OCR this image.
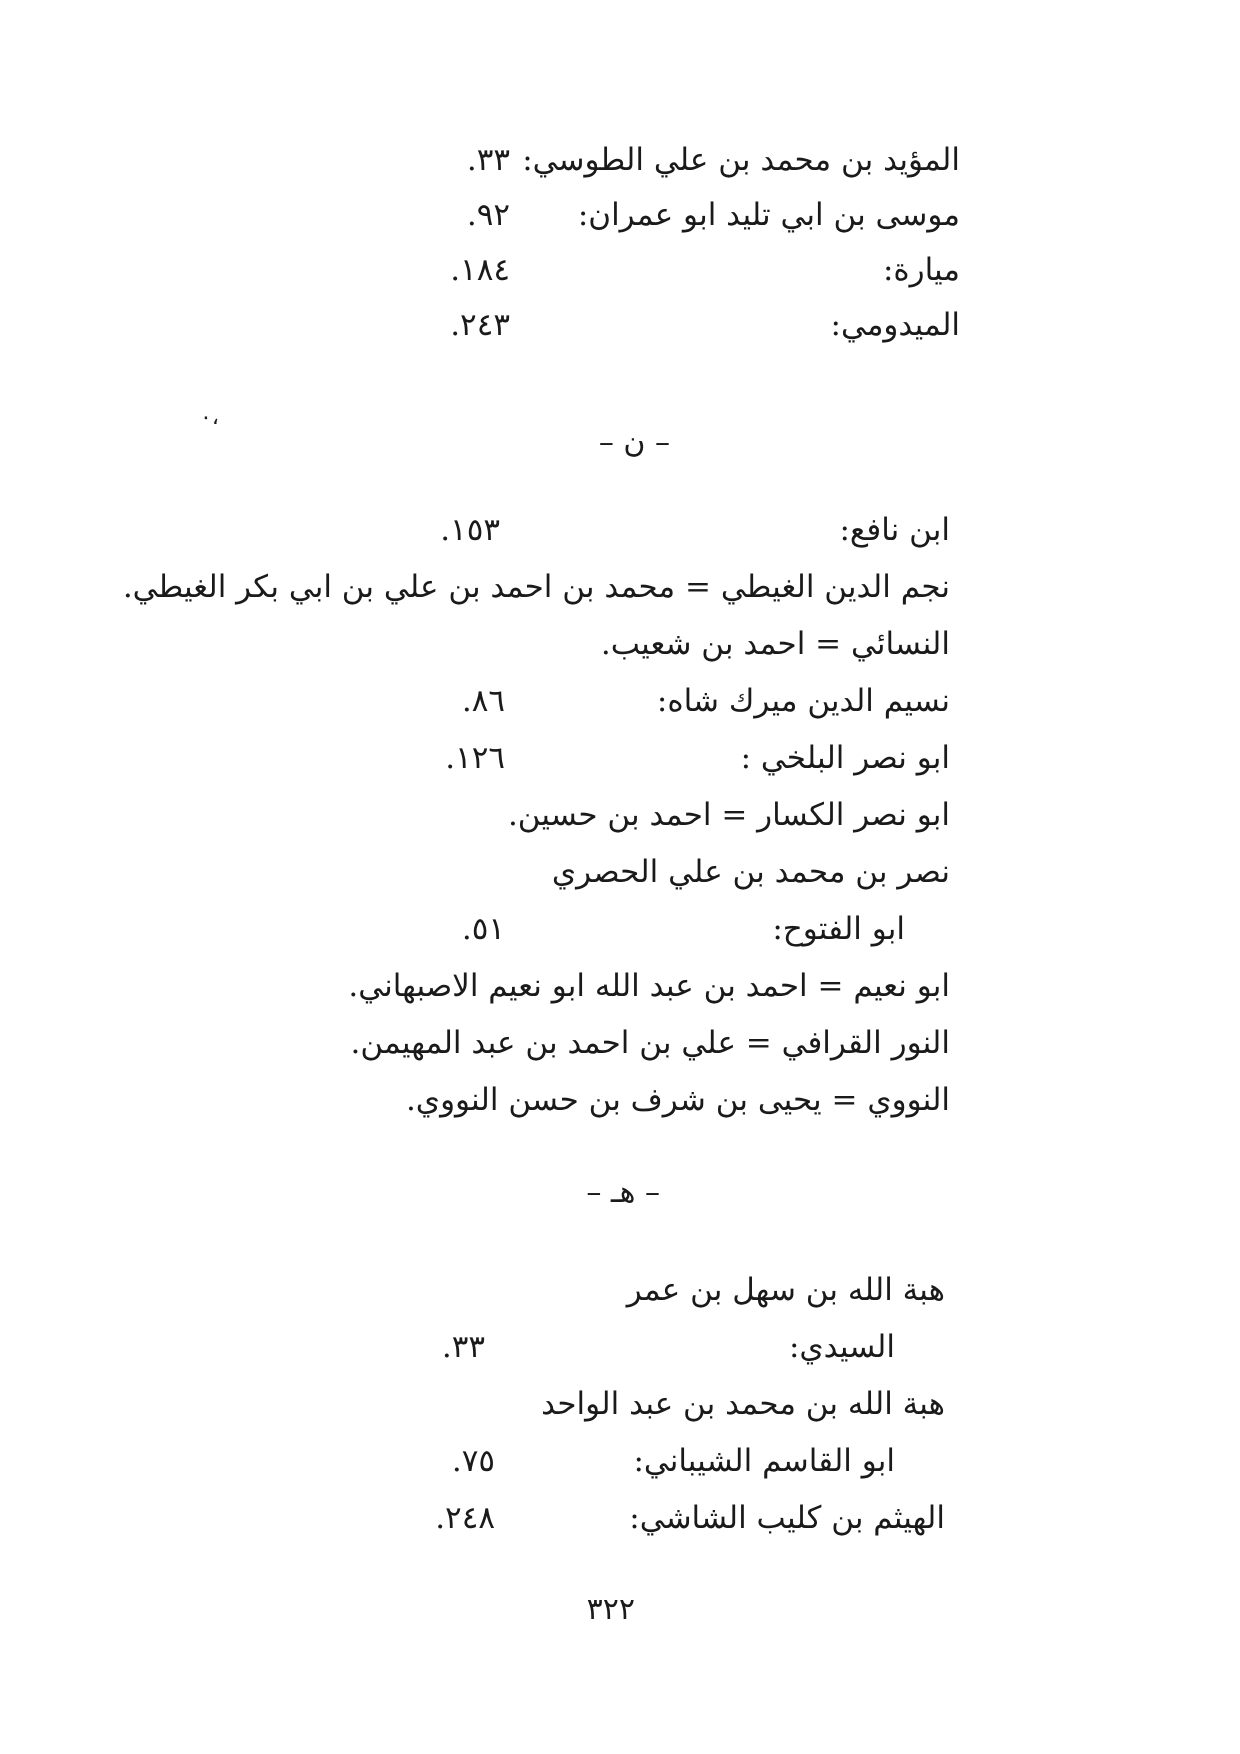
المؤيد بن محمد بن علي الطوسي:
٣٣.
موسى بن ابي تليد ابو عمران:
٩٢.
ميارة:
١٨٤.
الميدومي:
٢٤٣.
٠،
– ن –
ابن نافع:
١٥٣.
نجم الدين الغيطي = محمد بن احمد بن علي بن ابي بكر الغيطي.
النسائي = احمد بن شعيب.
نسيم الدين ميرك شاه:
٨٦.
ابو نصر البلخي :
١٢٦.
ابو نصر الكسار = احمد بن حسين.
نصر بن محمد بن علي الحصري
ابو الفتوح:
٥١.
ابو نعيم = احمد بن عبد الله ابو نعيم الاصبهاني.
النور القرافي = علي بن احمد بن عبد المهيمن.
النووي = يحيى بن شرف بن حسن النووي.
– هـ –
هبة الله بن سهل بن عمر
السيدي:
٣٣.
هبة الله بن محمد بن عبد الواحد
ابو القاسم الشيباني:
٧٥.
الهيثم بن كليب الشاشي:
٢٤٨.
٣٢٢
